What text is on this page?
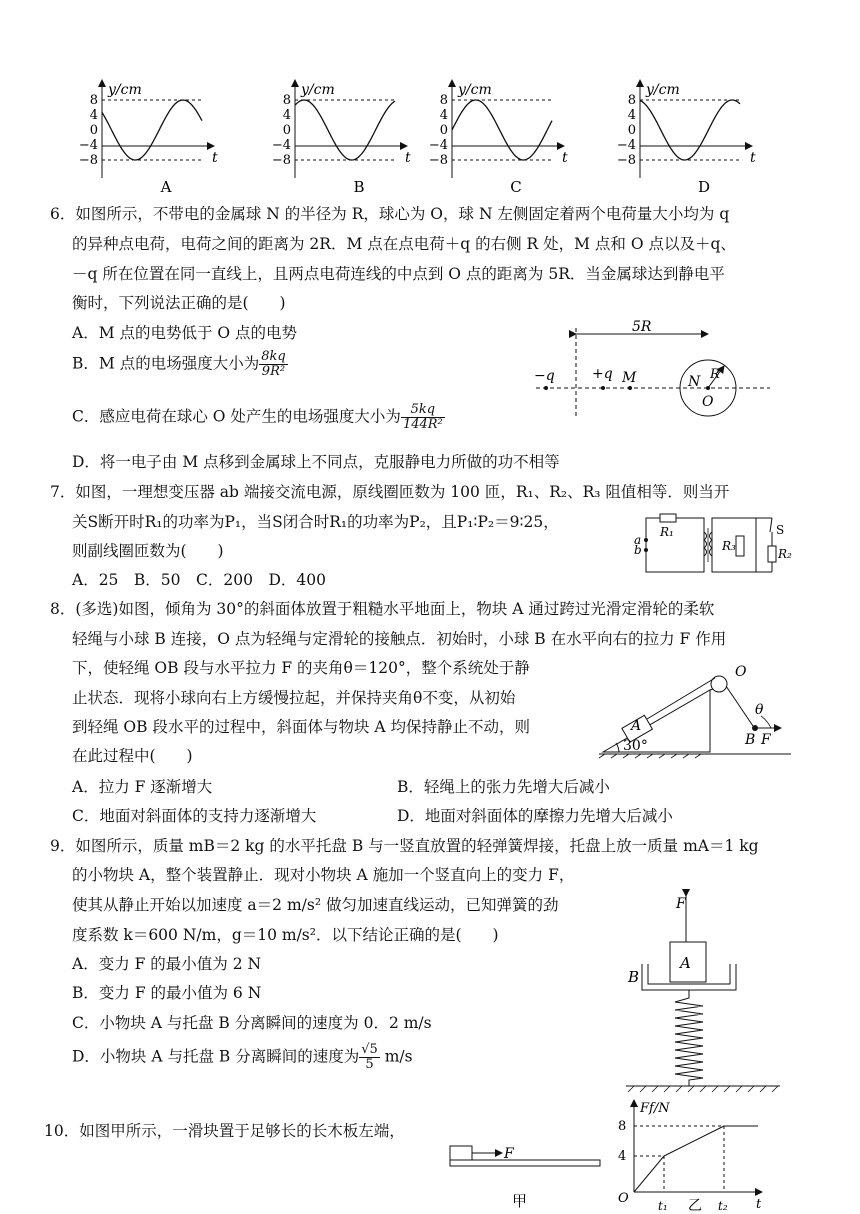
y/cm
t
8
4
0
−4
−8
A
y/cm
t
8
4
0
−4
−8
B
y/cm
t
8
4
0
−4
−8
C
y/cm
t
8
4
0
−4
−8
D
6．如图所示，不带电的金属球 N 的半径为 R，球心为 O，球 N 左侧固定着两个电荷量大小均为 q
的异种点电荷，电荷之间的距离为 2R．M 点在点电荷＋q 的右侧 R 处，M 点和 O 点以及＋q、
－q 所在位置在同一直线上，且两点电荷连线的中点到 O 点的距离为 5R．当金属球达到静电平
衡时，下列说法正确的是(　　)
A．M 点的电势低于 O 点的电势
B．M 点的电场强度大小为 $\frac{8kq}{\text{9R²}}$
C．感应电荷在球心 O 处产生的电场强度大小为 $\frac{5kq}{\text{144R²}}$
D．将一电子由 M 点移到金属球上不同点，克服静电力所做的功不相等
5R
−q	+q M	N R
O
7．如图，一理想变压器 ab 端接交流电源，原线圈匝数为 100 匝，R₁、R₂、R₃ 阻值相等．则当开
关S断开时R₁的功率为P₁，当S闭合时R₁的功率为P₂，且P₁∶P₂＝9∶25，
则副线圈匝数为(　　)
A．25　B．50　C．200　D．400
a
b
R₁
R₃
R₂
S
8．(多选)如图，倾角为 30°的斜面体放置于粗糙水平地面上，物块 A 通过跨过光滑定滑轮的柔软
轻绳与小球 B 连接，O 点为轻绳与定滑轮的接触点．初始时，小球 B 在水平向右的拉力 F 作用
下，使轻绳 OB 段与水平拉力 F 的夹角θ＝120°，整个系统处于静
止状态．现将小球向右上方缓慢拉起，并保持夹角θ不变，从初始
到轻绳 OB 段水平的过程中，斜面体与物块 A 均保持静止不动，则
在此过程中(　　)
A．拉力 F 逐渐增大	B．轻绳上的张力先增大后减小
C．地面对斜面体的支持力逐渐增大	D．地面对斜面体的摩擦力先增大后减小
O
θ
A
B F
30°
9．如图所示，质量 mB＝2 kg 的水平托盘 B 与一竖直放置的轻弹簧焊接，托盘上放一质量 mA＝1 kg
的小物块 A，整个装置静止．现对小物块 A 施加一个竖直向上的变力 F，
使其从静止开始以加速度 a＝2 m/s² 做匀加速直线运动，已知弹簧的劲
度系数 k＝600 N/m，g＝10 m/s²．以下结论正确的是(　　)
A．变力 F 的最小值为 2 N
B．变力 F 的最小值为 6 N
C．小物块 A 与托盘 B 分离瞬间的速度为 0．2 m/s
D．小物块 A 与托盘 B 分离瞬间的速度为 $\frac{√5}{5} m/s$
F
A
B
10．如图甲所示，一滑块置于足够长的长木板左端，
F
甲
Ff/N
8
4
O t₁	t₂ t
乙
